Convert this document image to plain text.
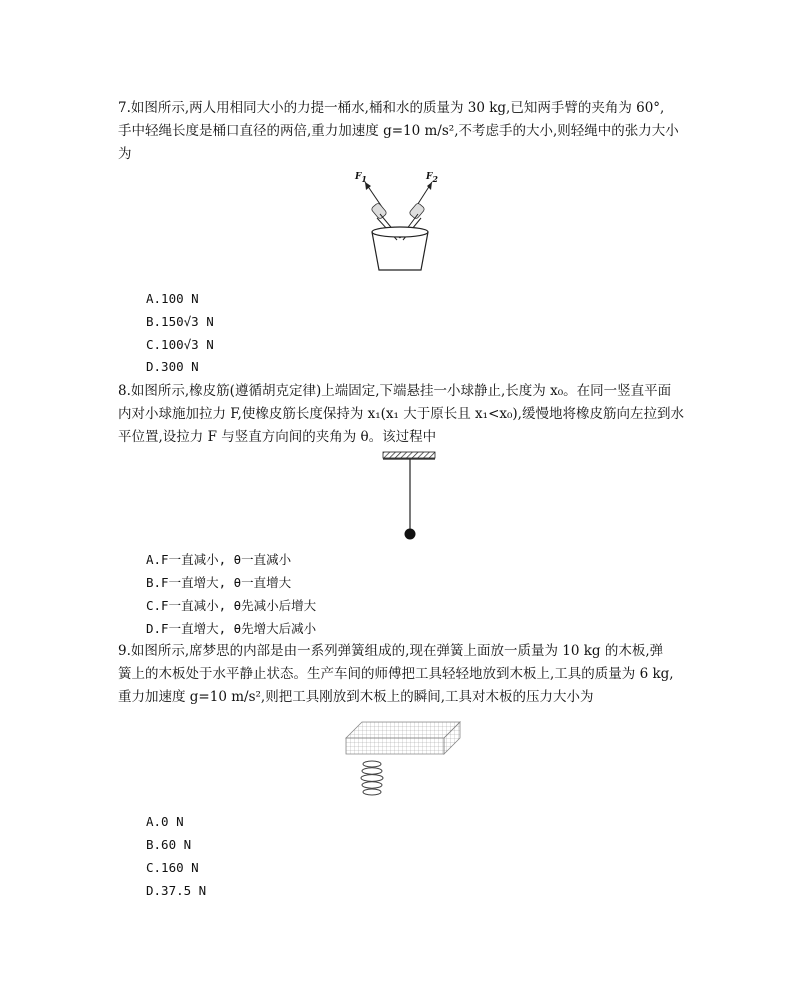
7.如图所示,两人用相同大小的力提一桶水,桶和水的质量为 30 kg,已知两手臂的夹角为 60°,
手中轻绳长度是桶口直径的两倍,重力加速度 g=10 m/s²,不考虑手的大小,则轻绳中的张力大小
为
$F_1$	$F_2$
A.100 N
B.150√3 N
C.100√3 N
D.300 N
8.如图所示,橡皮筋(遵循胡克定律)上端固定,下端悬挂一小球静止,长度为 x₀。在同一竖直平面
内对小球施加拉力 F,使橡皮筋长度保持为 x₁(x₁ 大于原长且 x₁<x₀),缓慢地将橡皮筋向左拉到水
平位置,设拉力 F 与竖直方向间的夹角为 θ。该过程中
A.F一直减小, θ一直减小
B.F一直增大, θ一直增大
C.F一直减小, θ先减小后增大
D.F一直增大, θ先增大后减小
9.如图所示,席梦思的内部是由一系列弹簧组成的,现在弹簧上面放一质量为 10 kg 的木板,弹
簧上的木板处于水平静止状态。生产车间的师傅把工具轻轻地放到木板上,工具的质量为 6 kg,
重力加速度 g=10 m/s²,则把工具刚放到木板上的瞬间,工具对木板的压力大小为
A.0 N
B.60 N
C.160 N
D.37.5 N
